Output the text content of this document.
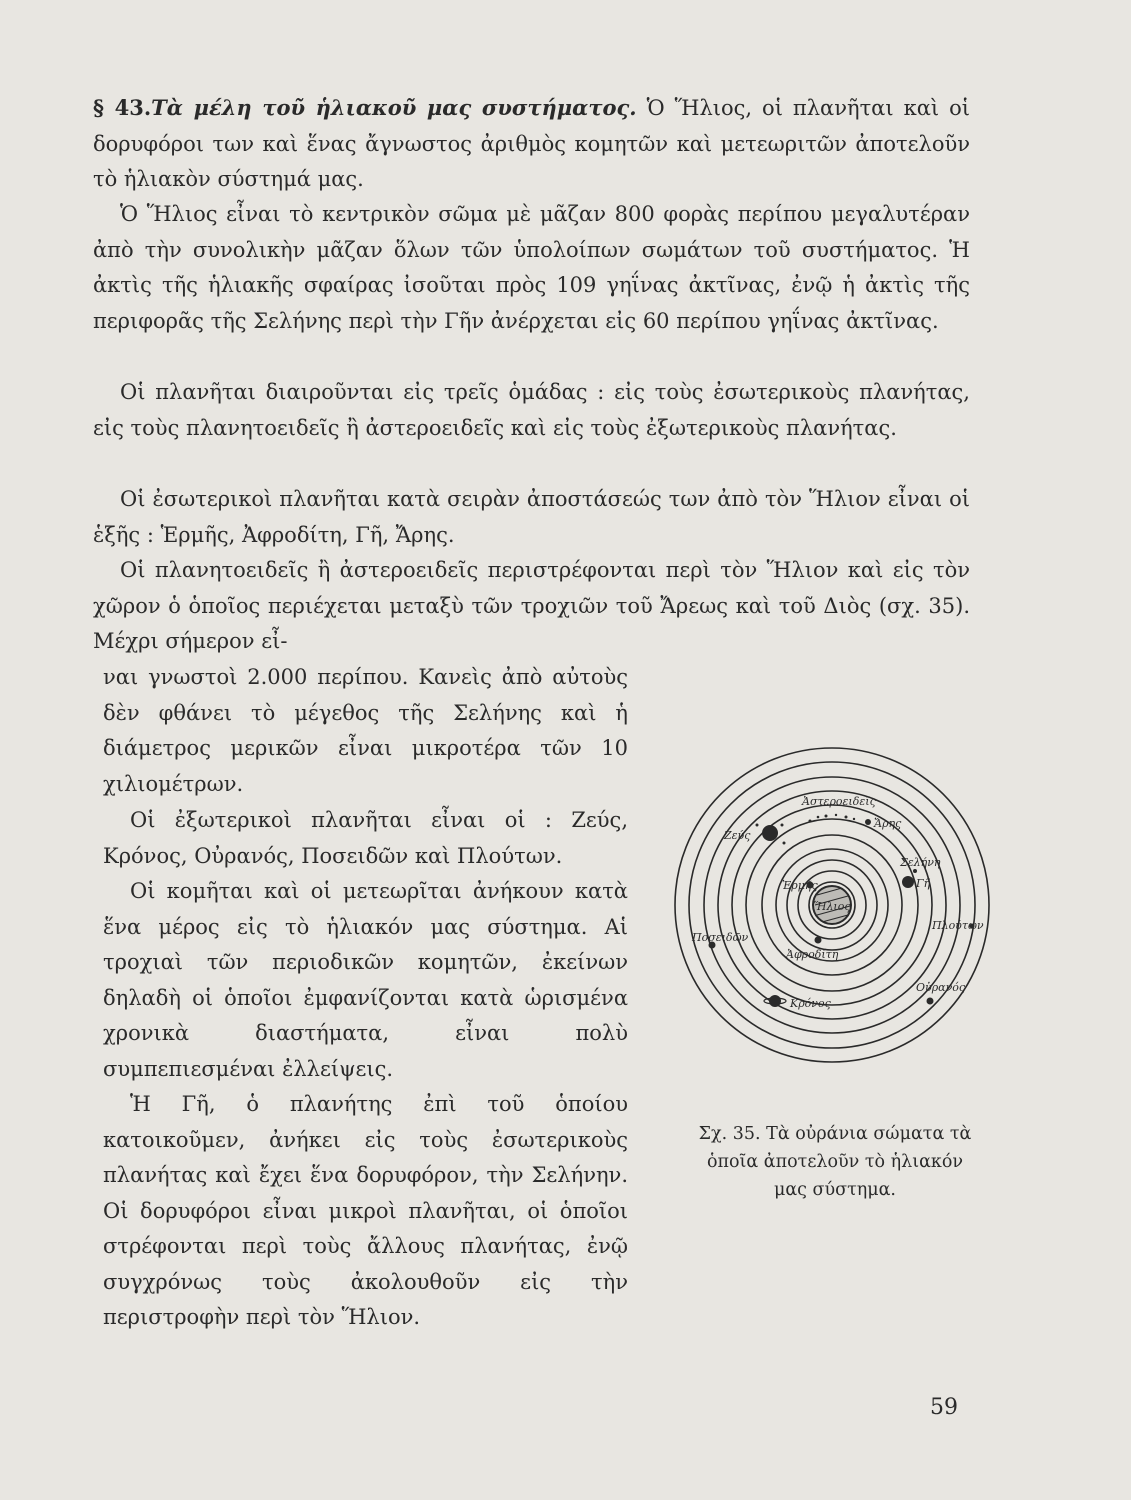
§ 43.Τὰ μέλη τοῦ ἡλιακοῦ μας συστήματος. Ὁ Ἥλιος, οἱ πλανῆται καὶ οἱ δορυφόροι των καὶ ἕνας ἄγνωστος ἀριθμὸς κομητῶν καὶ μετεωριτῶν ἀποτελοῦν τὸ ἡλιακὸν σύστημά μας.

Ὁ Ἥλιος εἶναι τὸ κεντρικὸν σῶμα μὲ μᾶζαν 800 φορὰς περίπου μεγαλυτέραν ἀπὸ τὴν συνολικὴν μᾶζαν ὅλων τῶν ὑπολοίπων σωμάτων τοῦ συστήματος. Ἡ ἀκτὶς τῆς ἡλιακῆς σφαίρας ἰσοῦται πρὸς 109 γηΐνας ἀκτῖνας, ἐνῷ ἡ ἀκτὶς τῆς περιφορᾶς τῆς Σελήνης περὶ τὴν Γῆν ἀνέρχεται εἰς 60 περίπου γηΐνας ἀκτῖνας.

Οἱ πλανῆται διαιροῦνται εἰς τρεῖς ὁμάδας : εἰς τοὺς ἐσωτερικοὺς πλανήτας, εἰς τοὺς πλανητοειδεῖς ἢ ἀστεροειδεῖς καὶ εἰς τοὺς ἐξωτερικοὺς πλανήτας.

Οἱ ἐσωτερικοὶ πλανῆται κατὰ σειρὰν ἀποστάσεώς των ἀπὸ τὸν Ἥλιον εἶναι οἱ ἑξῆς : Ἑρμῆς, Ἀφροδίτη, Γῆ, Ἄρης.

Οἱ πλανητοειδεῖς ἢ ἀστεροειδεῖς περιστρέφονται περὶ τὸν Ἥλιον καὶ εἰς τὸν χῶρον ὁ ὁποῖος περιέχεται μεταξὺ τῶν τροχιῶν τοῦ Ἄρεως καὶ τοῦ Διὸς (σχ. 35). Μέχρι σήμερον εἶ-

ναι γνωστοὶ 2.000 περίπου. Κανεὶς ἀπὸ αὐτοὺς δὲν φθάνει τὸ μέγεθος τῆς Σελήνης καὶ ἡ διάμετρος μερικῶν εἶναι μικροτέρα τῶν 10 χιλιομέτρων.

Οἱ ἐξωτερικοὶ πλανῆται εἶναι οἱ : Ζεύς, Κρόνος, Οὐρανός, Ποσειδῶν καὶ Πλούτων.

Οἱ κομῆται καὶ οἱ μετεωρῖται ἀνήκουν κατὰ ἕνα μέρος εἰς τὸ ἡλιακόν μας σύστημα. Αἱ τροχιαὶ τῶν περιοδικῶν κομητῶν, ἐκείνων δηλαδὴ οἱ ὁποῖοι ἐμφανίζονται κατὰ ὡρισμένα χρονικὰ διαστήματα, εἶναι πολὺ συμπεπιεσμέναι ἐλλείψεις.

Ἡ Γῆ, ὁ πλανήτης ἐπὶ τοῦ ὁποίου κατοικοῦμεν, ἀνήκει εἰς τοὺς ἐσωτερικοὺς πλανήτας καὶ ἔχει ἕνα δορυφόρον, τὴν Σελήνην. Οἱ δορυφόροι εἶναι μικροὶ πλανῆται, οἱ ὁποῖοι στρέφονται περὶ τοὺς ἄλλους πλανήτας, ἐνῷ συγχρόνως τοὺς ἀκολουθοῦν εἰς τὴν περιστροφὴν περὶ τὸν Ἥλιον.

Ἥλιος
Ἑρμῆς
Ἀφροδίτη
Σελήνη
Γῆ
Ἄρης
Ἀστεροειδεῖς
Ζεύς
Κρόνος
Οὐρανός
Ποσειδῶν
Πλούτων

Σχ. 35. Τὰ οὐράνια σώματα τὰ ὁποῖα ἀποτελοῦν τὸ ἡλιακόν μας σύστημα.

59
